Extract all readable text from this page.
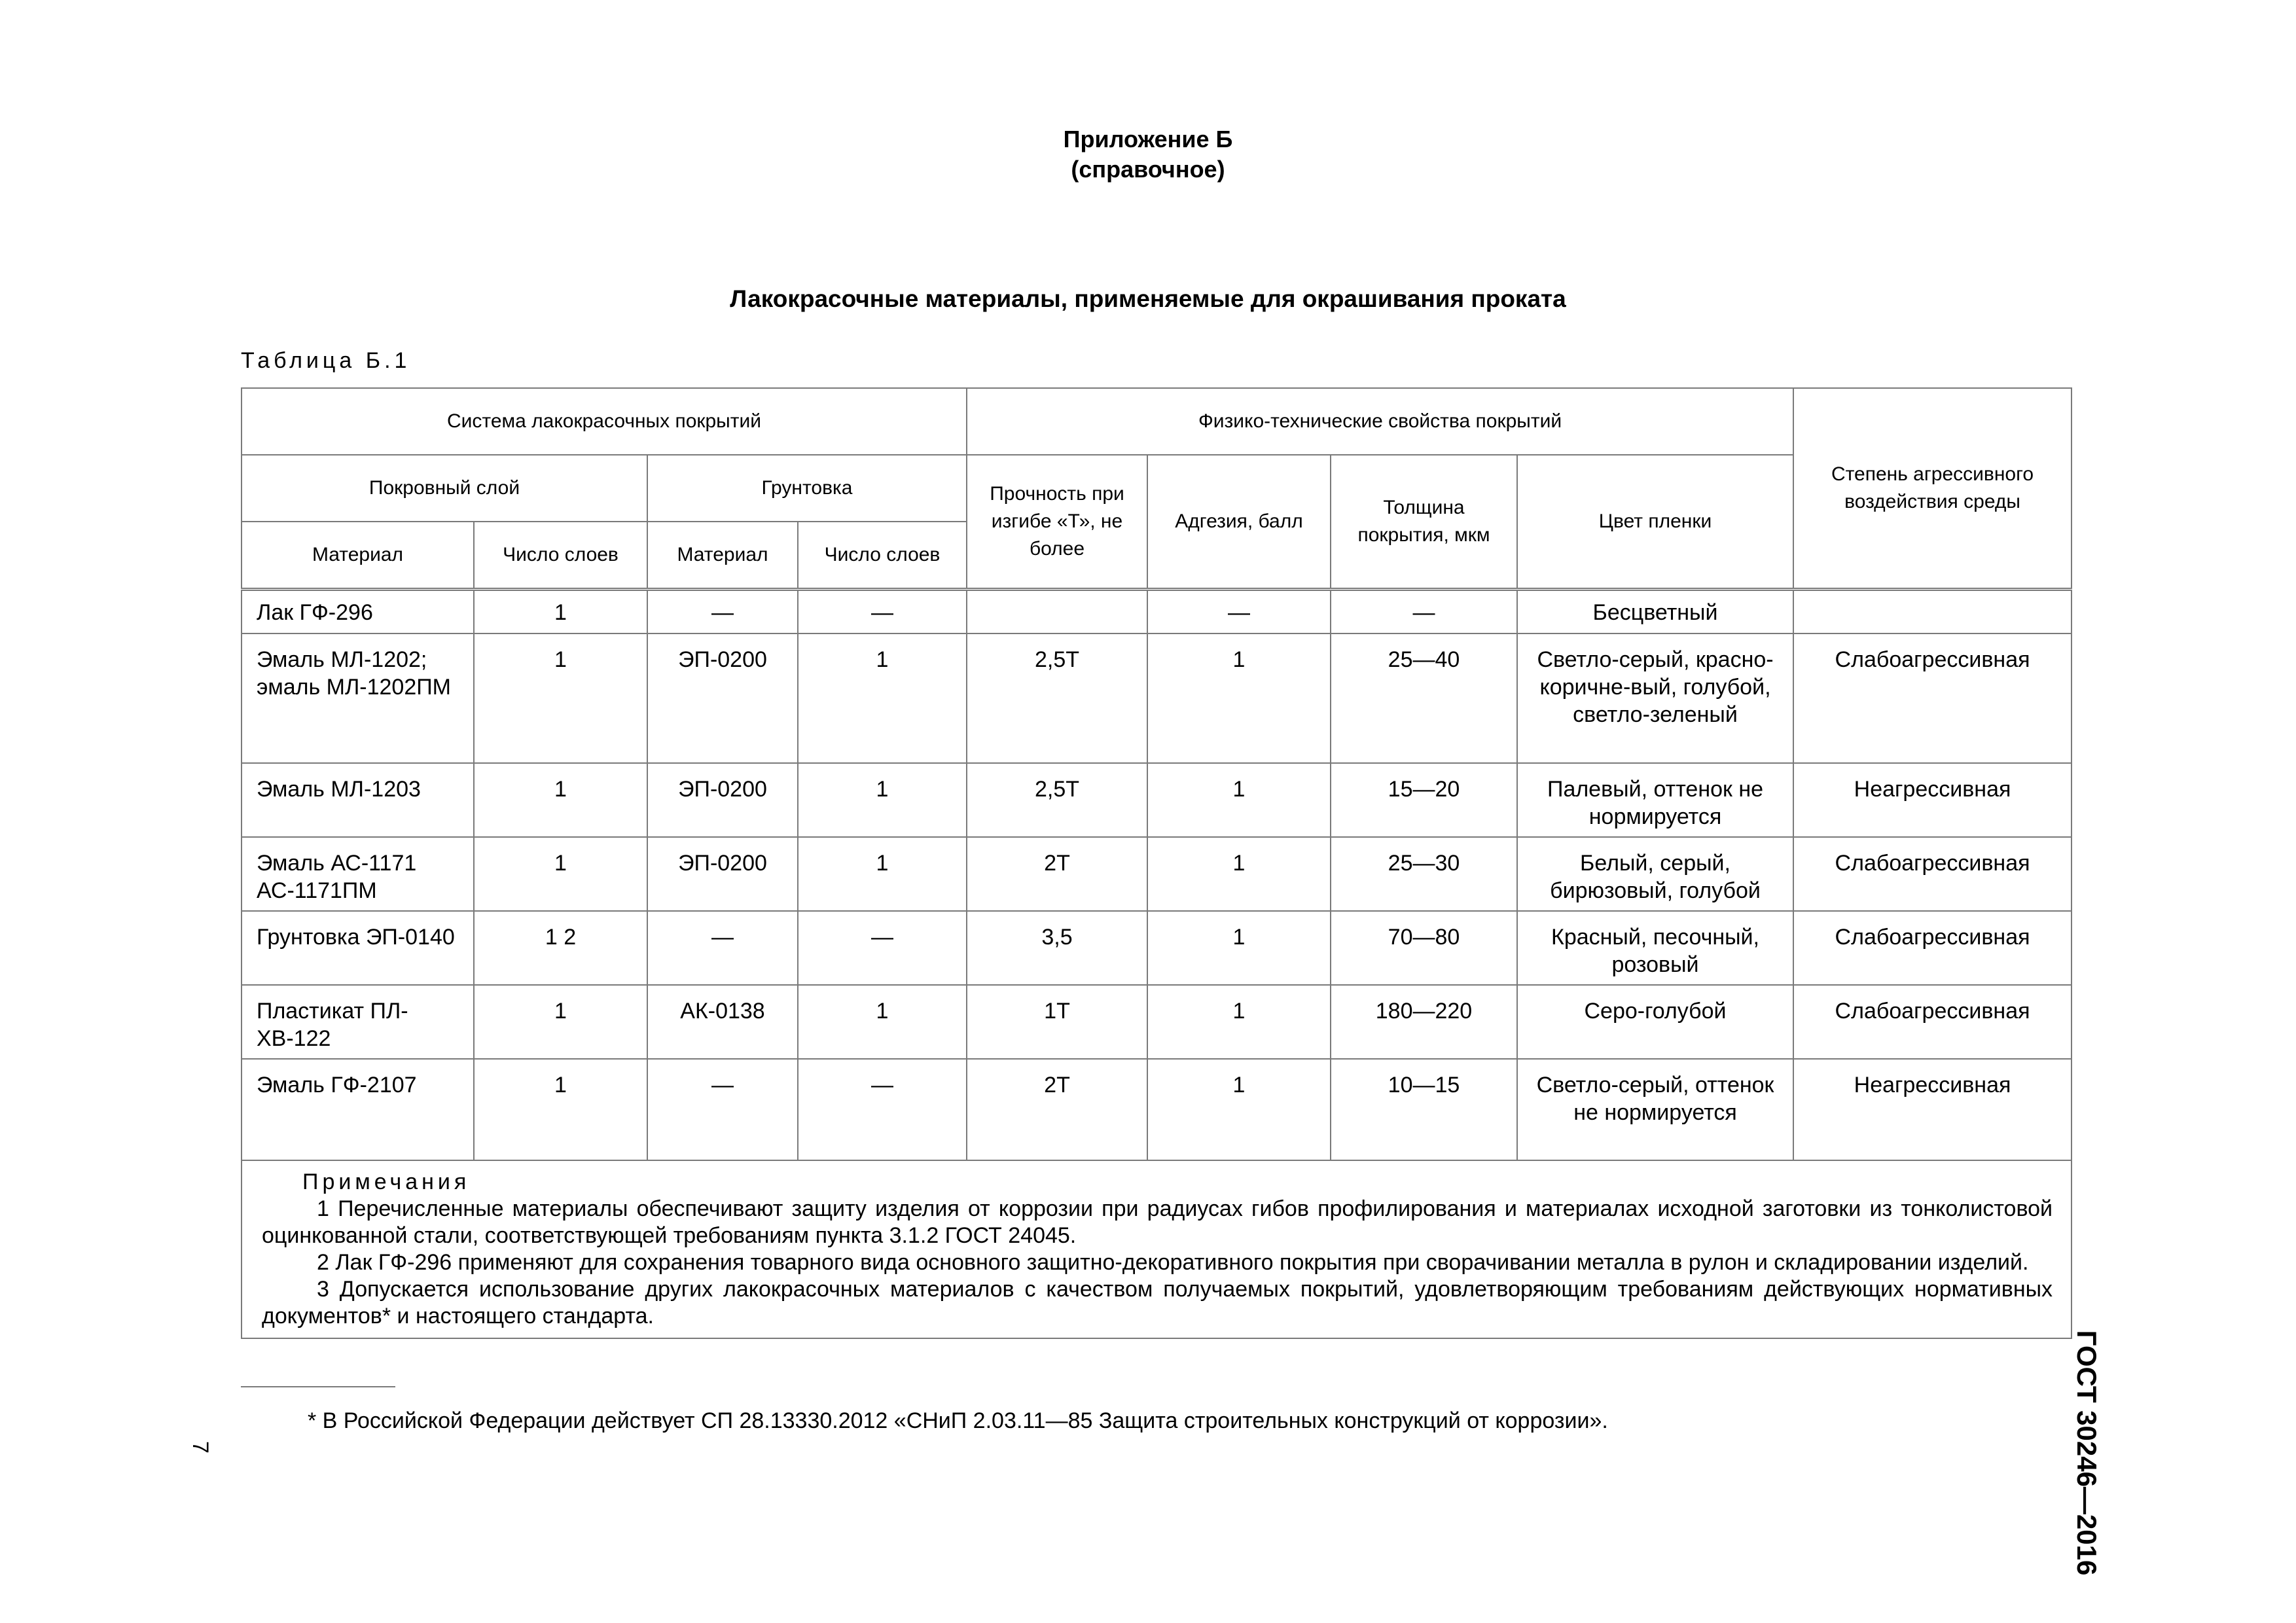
Приложение Б
(справочное)
Лакокрасочные материалы, применяемые для окрашивания проката
Таблица Б.1
Система лакокрасочных покрытий				Физико-технические свойства покрытий				Степень агрессивного воздействия среды
Покровный слой		Грунтовка		Прочность при изгибе «Т», не более	Адгезия, балл	Толщина покрытия, мкм	Цвет пленки	
Материал	Число слоев	Материал	Число слоев					
Лак ГФ-296	1	—	—		—	—	Бесцветный	
Эмаль МЛ-1202; эмаль МЛ-1202ПМ	1	ЭП-0200	1	2,5Т	1	25—40	Светло-серый, красно-коричне-вый, голубой, светло-зеленый	Слабоагрессивная
Эмаль МЛ-1203	1	ЭП-0200	1	2,5Т	1	15—20	Палевый, оттенок не нормируется	Неагрессивная
Эмаль АС-1171 АС-1171ПМ	1	ЭП-0200	1	2Т	1	25—30	Белый, серый, бирюзовый, голубой	Слабоагрессивная
Грунтовка ЭП-0140	1 2	—	—	3,5	1	70—80	Красный, песочный, розовый	Слабоагрессивная
Пластикат ПЛ-ХВ-122	1	АК-0138	1	1Т	1	180—220	Серо-голубой	Слабоагрессивная
Эмаль ГФ-2107	1	—	—	2Т	1	10—15	Светло-серый, оттенок не нормируется	Неагрессивная

Примечания
1 Перечисленные материалы обеспечивают защиту изделия от коррозии при радиусах гибов профилирования и материалах исходной заготовки из тонколистовой оцинкованной стали, соответствующей требованиям пункта 3.1.2 ГОСТ 24045.
2 Лак ГФ-296 применяют для сохранения товарного вида основного защитно-декоративного покрытия при сворачивании металла в рулон и складировании изделий.
3 Допускается использование других лакокрасочных материалов с качеством получаемых покрытий, удовлетворяющим требованиям действующих нормативных документов* и настоящего стандарта.								
* В Российской Федерации действует СП 28.13330.2012 «СНиП 2.03.11—85 Защита строительных конструкций от коррозии».
7	ГОСТ 30246—2016
